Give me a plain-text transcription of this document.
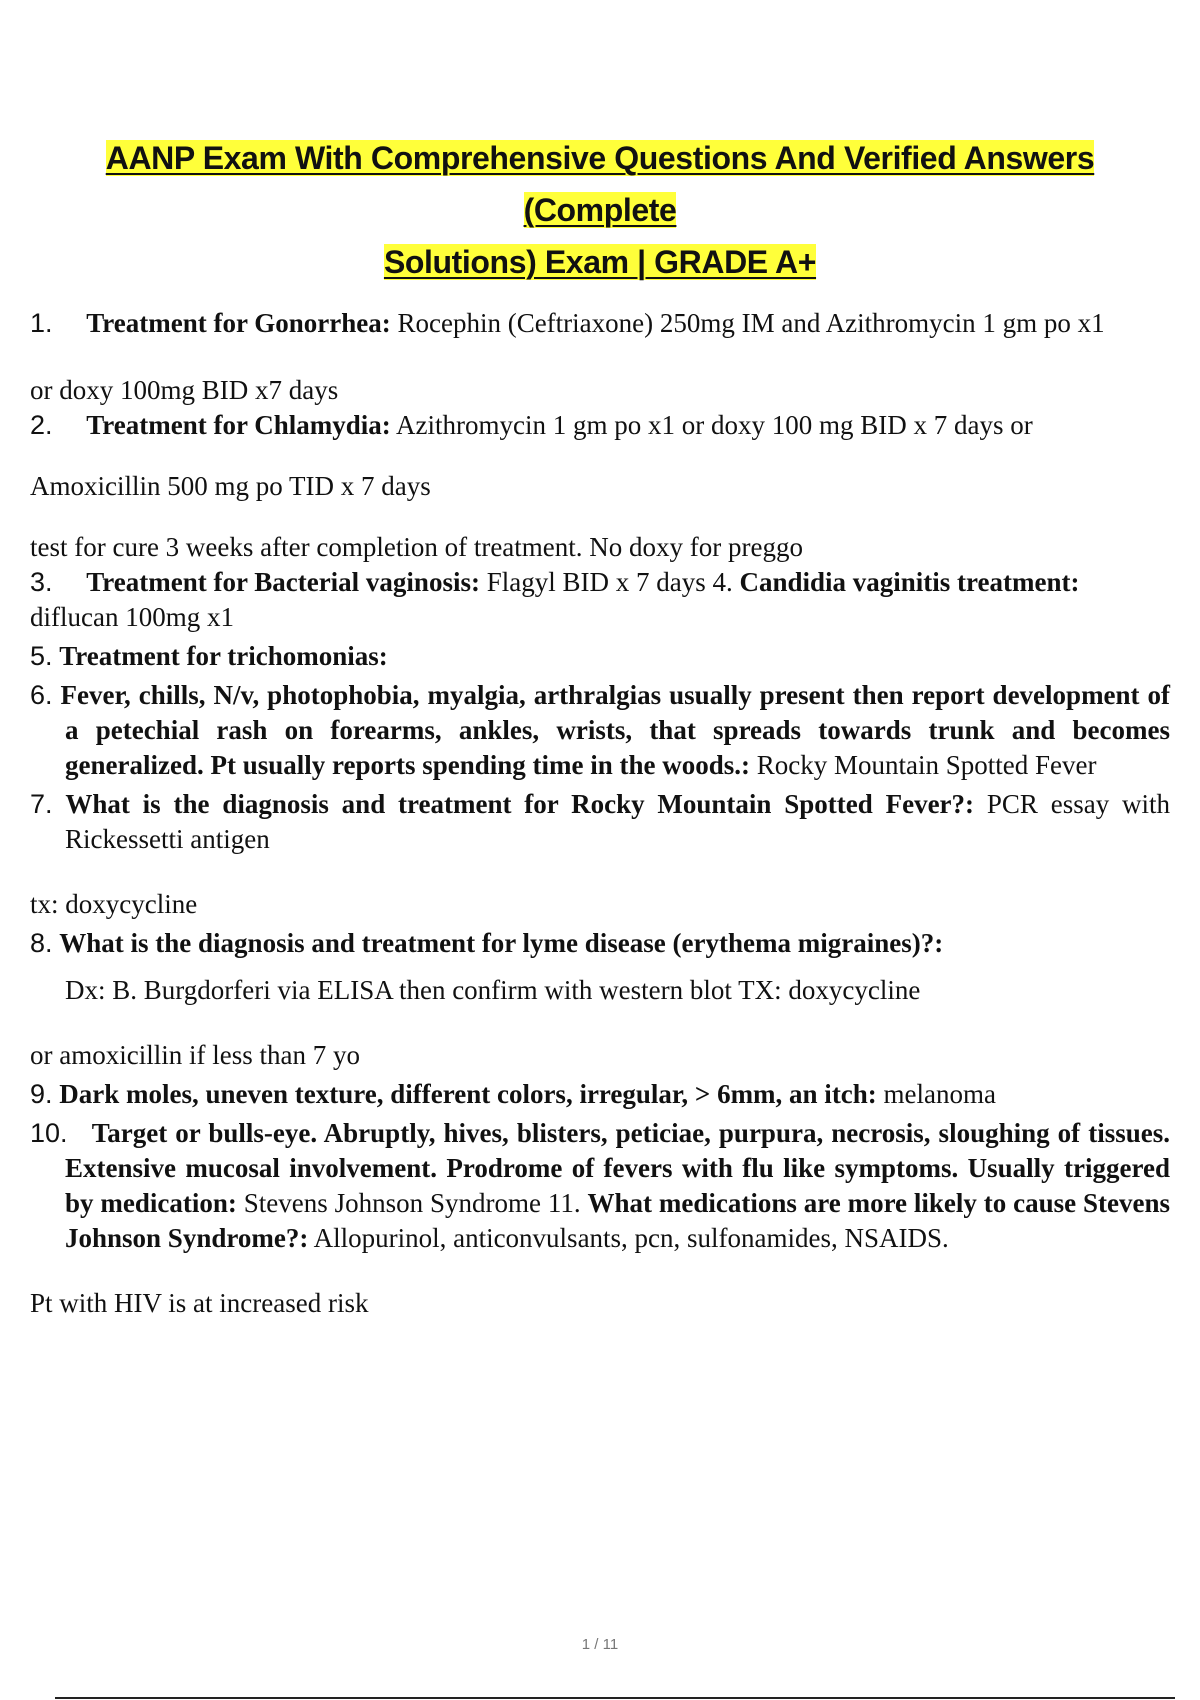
AANP Exam With Comprehensive Questions And Verified Answers (Complete
Solutions) Exam | GRADE A+

1. Treatment for Gonorrhea: Rocephin (Ceftriaxone) 250mg IM and Azithromycin 1 gm po x1

or doxy 100mg BID x7 days

2. Treatment for Chlamydia: Azithromycin 1 gm po x1 or doxy 100 mg BID x 7 days or

Amoxicillin 500 mg po TID x 7 days

test for cure 3 weeks after completion of treatment. No doxy for preggo

3. Treatment for Bacterial vaginosis: Flagyl BID x 7 days 4. Candidia vaginitis treatment: diflucan 100mg x1

5. Treatment for trichomonias:

6. Fever, chills, N/v, photophobia, myalgia, arthralgias usually present then report development of a petechial rash on forearms, ankles, wrists, that spreads towards trunk and becomes generalized. Pt usually reports spending time in the woods.: Rocky Mountain Spotted Fever

7. What is the diagnosis and treatment for Rocky Mountain Spotted Fever?: PCR essay with Rickessetti antigen

tx: doxycycline

8. What is the diagnosis and treatment for lyme disease (erythema migraines)?:

Dx: B. Burgdorferi via ELISA then confirm with western blot TX: doxycycline

or amoxicillin if less than 7 yo

9. Dark moles, uneven texture, different colors, irregular, > 6mm, an itch: melanoma

10. Target or bulls-eye. Abruptly, hives, blisters, peticiae, purpura, necrosis, sloughing of tissues. Extensive mucosal involvement. Prodrome of fevers with flu like symptoms. Usually triggered by medication: Stevens Johnson Syndrome 11. What medications are more likely to cause Stevens Johnson Syndrome?: Allopurinol, anticonvulsants, pcn, sulfonamides, NSAIDS.

Pt with HIV is at increased risk

1 / 11
